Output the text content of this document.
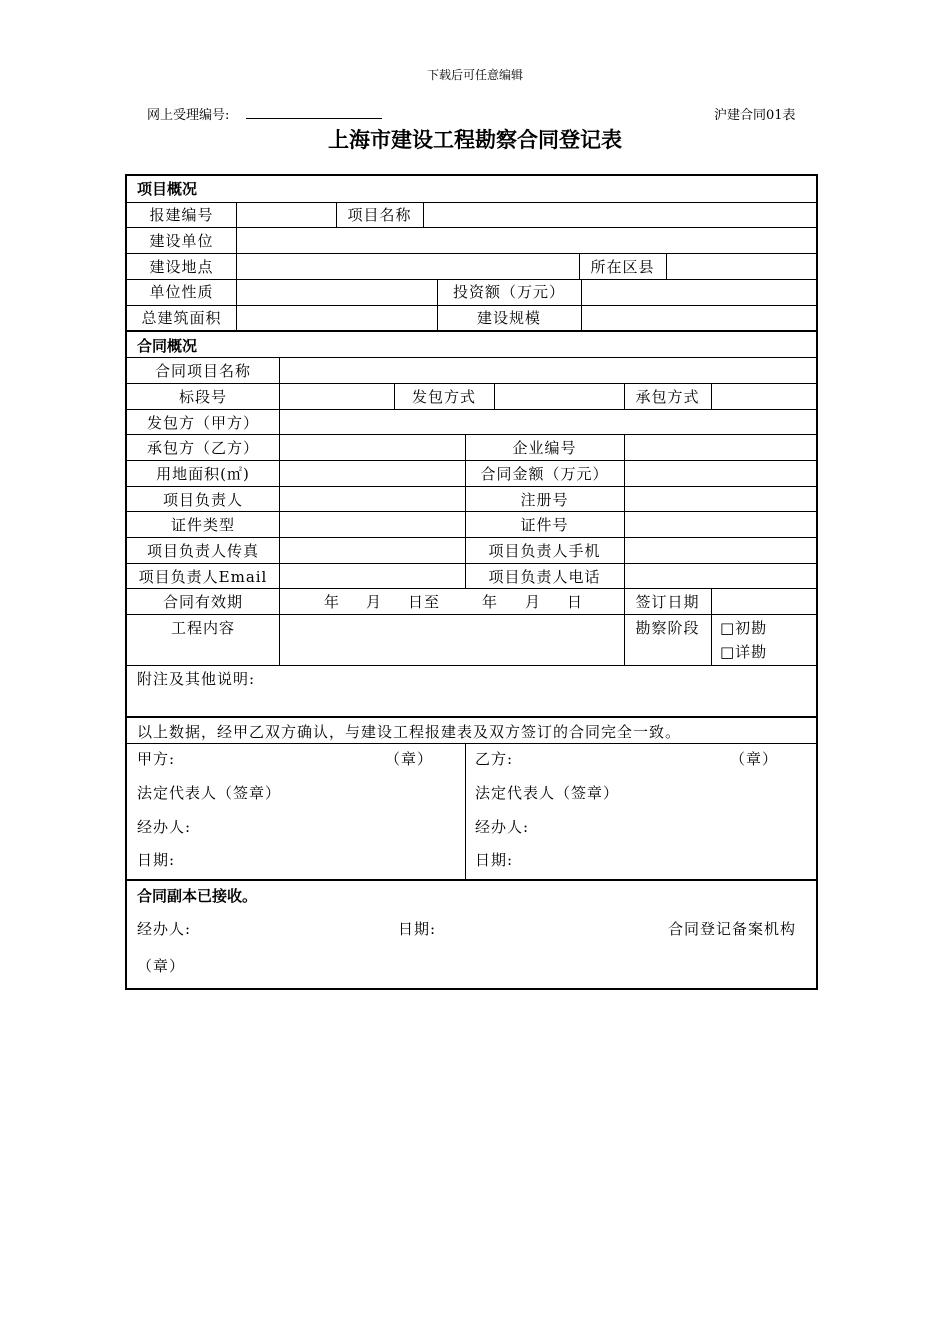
下载后可任意编辑
网上受理编号:	沪建合同01表
上海市建设工程勘察合同登记表
项目概况
报建编号	项目名称
建设单位
建设地点	所在区县
单位性质	投资额（万元）
总建筑面积	建设规模
合同概况
合同项目名称
标段号	发包方式	承包方式
发包方（甲方）
承包方（乙方）	企业编号
用地面积(㎡)	合同金额（万元）
项目负责人	注册号
证件类型	证件号
项目负责人传真	项目负责人手机
项目负责人Email	项目负责人电话
合同有效期	年 月 日至	年 月 日	签订日期
工程内容	勘察阶段	□初勘
□详勘
附注及其他说明:
以上数据，经甲乙双方确认，与建设工程报建表及双方签订的合同完全一致。
甲方:	（章）
法定代表人（签章）
经办人:
日期:
乙方:	（章）
法定代表人（签章）
经办人:
日期:
合同副本已接收。
经办人:	日期:	合同登记备案机构
（章）
